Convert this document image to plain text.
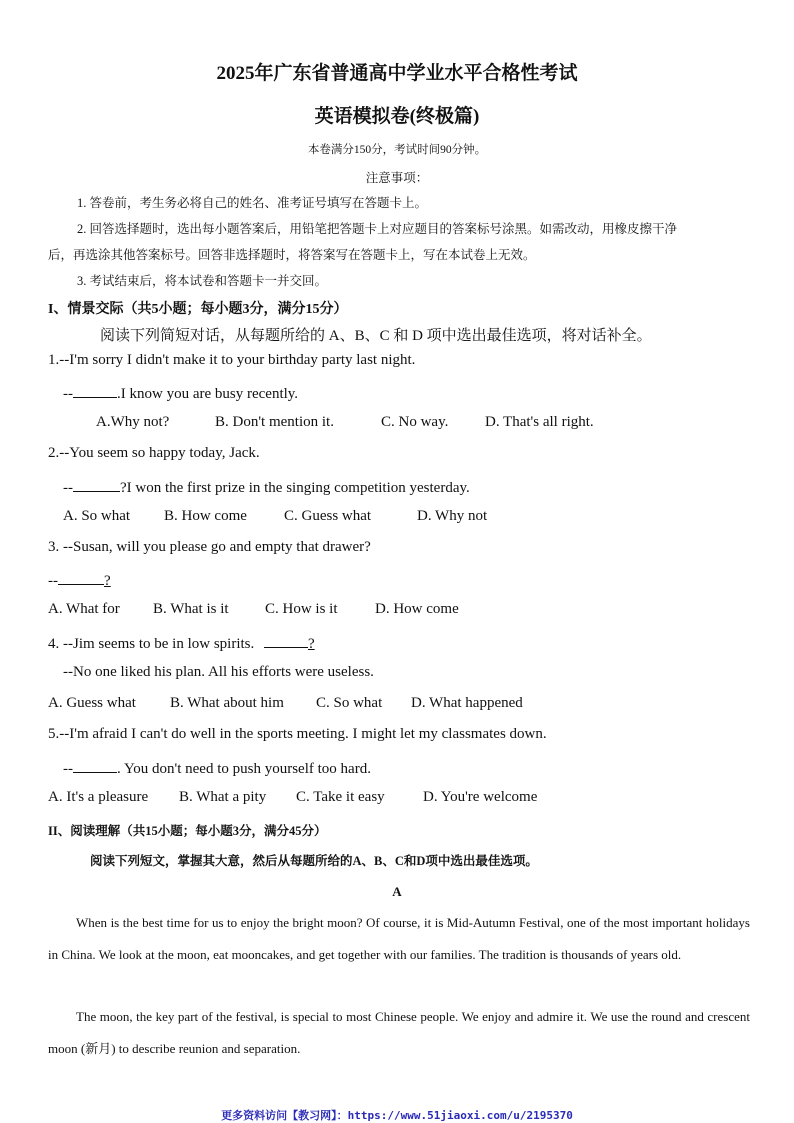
2025年广东省普通高中学业水平合格性考试
英语模拟卷(终极篇)
本卷满分150分，考试时间90分钟。
注意事项：
1. 答卷前，考生务必将自己的姓名、准考证号填写在答题卡上。
2. 回答选择题时，选出每小题答案后，用铅笔把答题卡上对应题目的答案标号涂黑。如需改动，用橡皮擦干净
后，再选涂其他答案标号。回答非选择题时，将答案写在答题卡上，写在本试卷上无效。
3. 考试结束后，将本试卷和答题卡一并交回。
I、情景交际（共5小题；每小题3分，满分15分）
阅读下列简短对话，从每题所给的 A、B、C 和 D 项中选出最佳选项，将对话补全。
1.--I'm sorry I didn't make it to your birthday party last night.
--	.I know you are busy recently.
A.Why not?	B. Don't mention it.	C. No way. D. That's all right.
2.--You seem so happy today, Jack.
--	?I won the first prize in the singing competition yesterday.
A. So what B. How come C. Guess what	D. Why not
3. --Susan, will you please go and empty that drawer?
--	?
A. What for B. What is it C. How is it D. How come
4. --Jim seems to be in low spirits.	?
--No one liked his plan. All his efforts were useless.
A. Guess what B. What about him C. So what D. What happened
5.--I'm afraid I can't do well in the sports meeting. I might let my classmates down.
--	. You don't need to push yourself too hard.
A. It's a pleasure B. What a pity C. Take it easy	D. You're welcome
II、阅读理解（共15小题；每小题3分，满分45分）
阅读下列短文，掌握其大意，然后从每题所给的A、B、C和D项中选出最佳选项。
A
When is the best time for us to enjoy the bright moon? Of course, it is Mid-Autumn Festival, one of the most important holidays in China. We look at the moon, eat mooncakes, and get together with our families. The tradition is thousands of years old.
The moon, the key part of the festival, is special to most Chinese people. We enjoy and admire it. We use the round and crescent moon (新月) to describe reunion and separation.
更多资料访问【教习网】：https://www.51jiaoxi.com/u/2195370
